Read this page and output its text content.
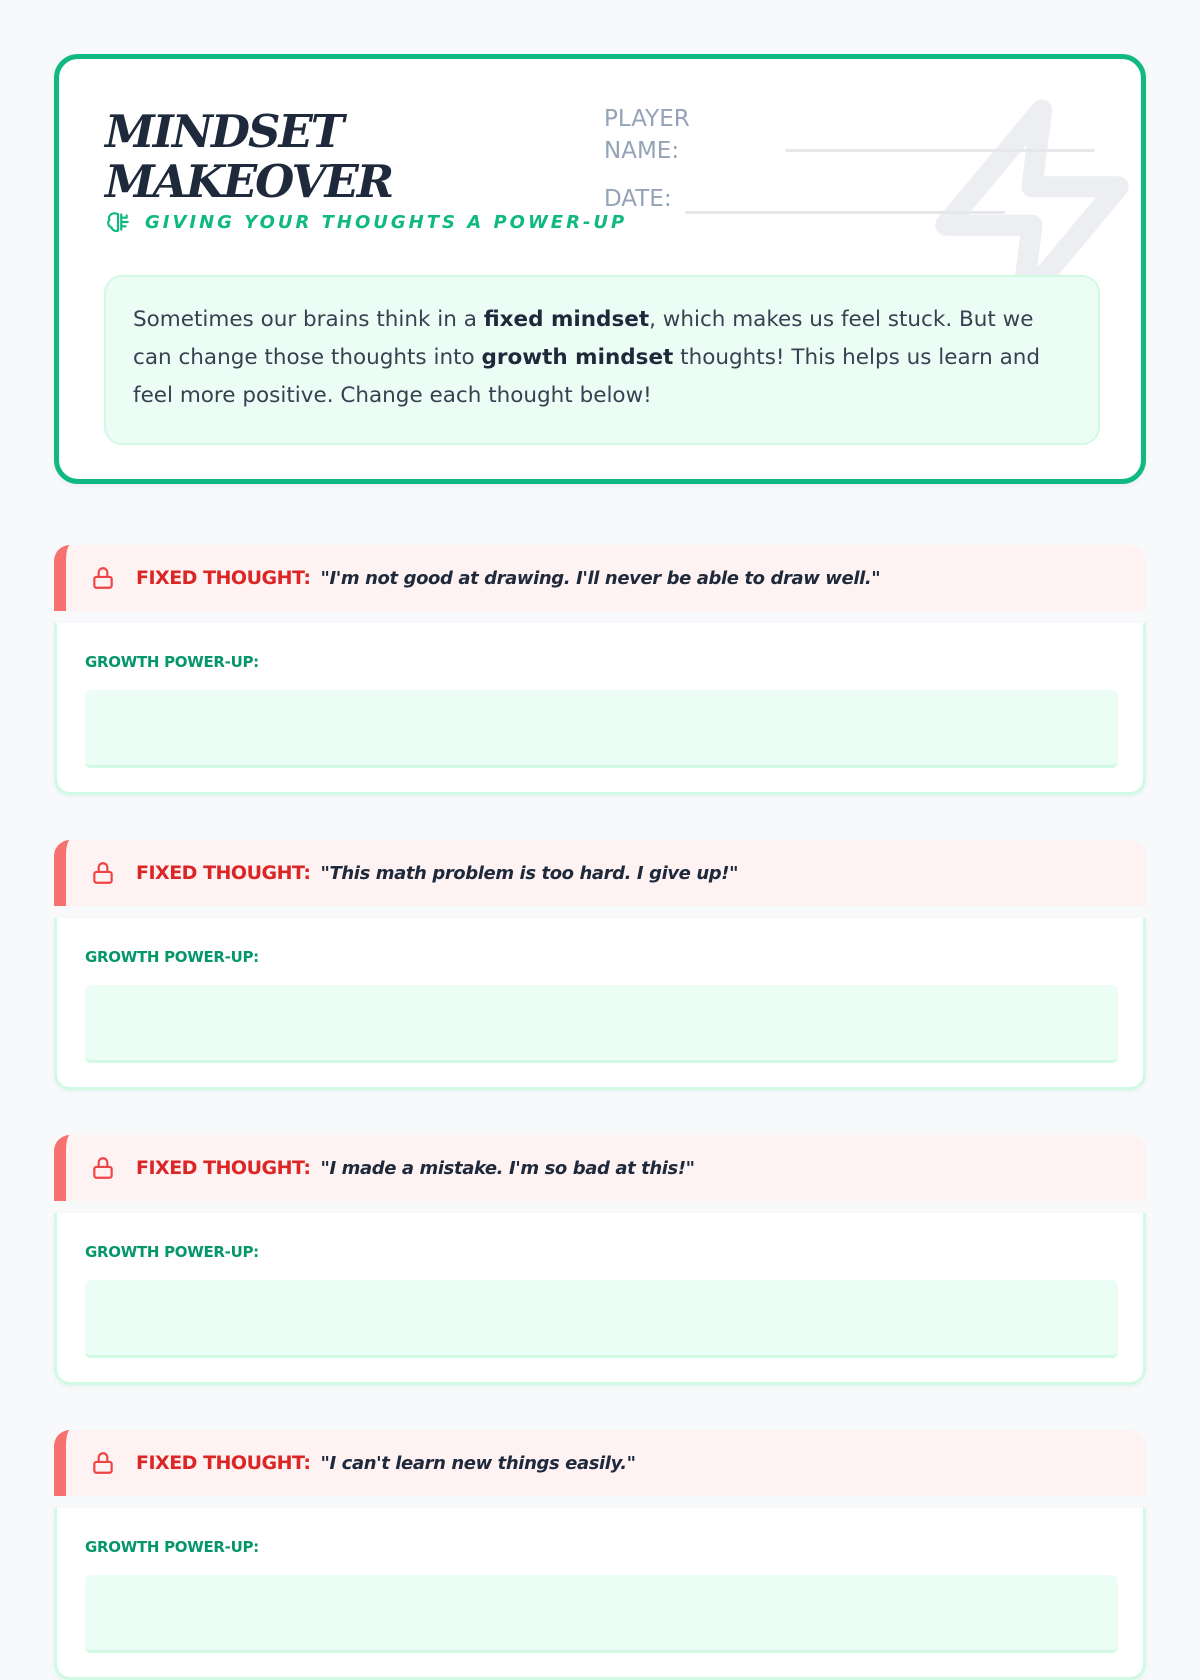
MINDSET
MAKEOVER
GIVING YOUR THOUGHTS A POWER-UP
PLAYER NAME:
DATE:
Sometimes our brains think in a fixed mindset, which makes us feel stuck. But we can change those thoughts into growth mindset thoughts! This helps us learn and feel more positive. Change each thought below!
FIXED THOUGHT: "I'm not good at drawing. I'll never be able to draw well."
GROWTH POWER-UP:
FIXED THOUGHT: "This math problem is too hard. I give up!"
GROWTH POWER-UP:
FIXED THOUGHT: "I made a mistake. I'm so bad at this!"
GROWTH POWER-UP:
FIXED THOUGHT: "I can't learn new things easily."
GROWTH POWER-UP:
